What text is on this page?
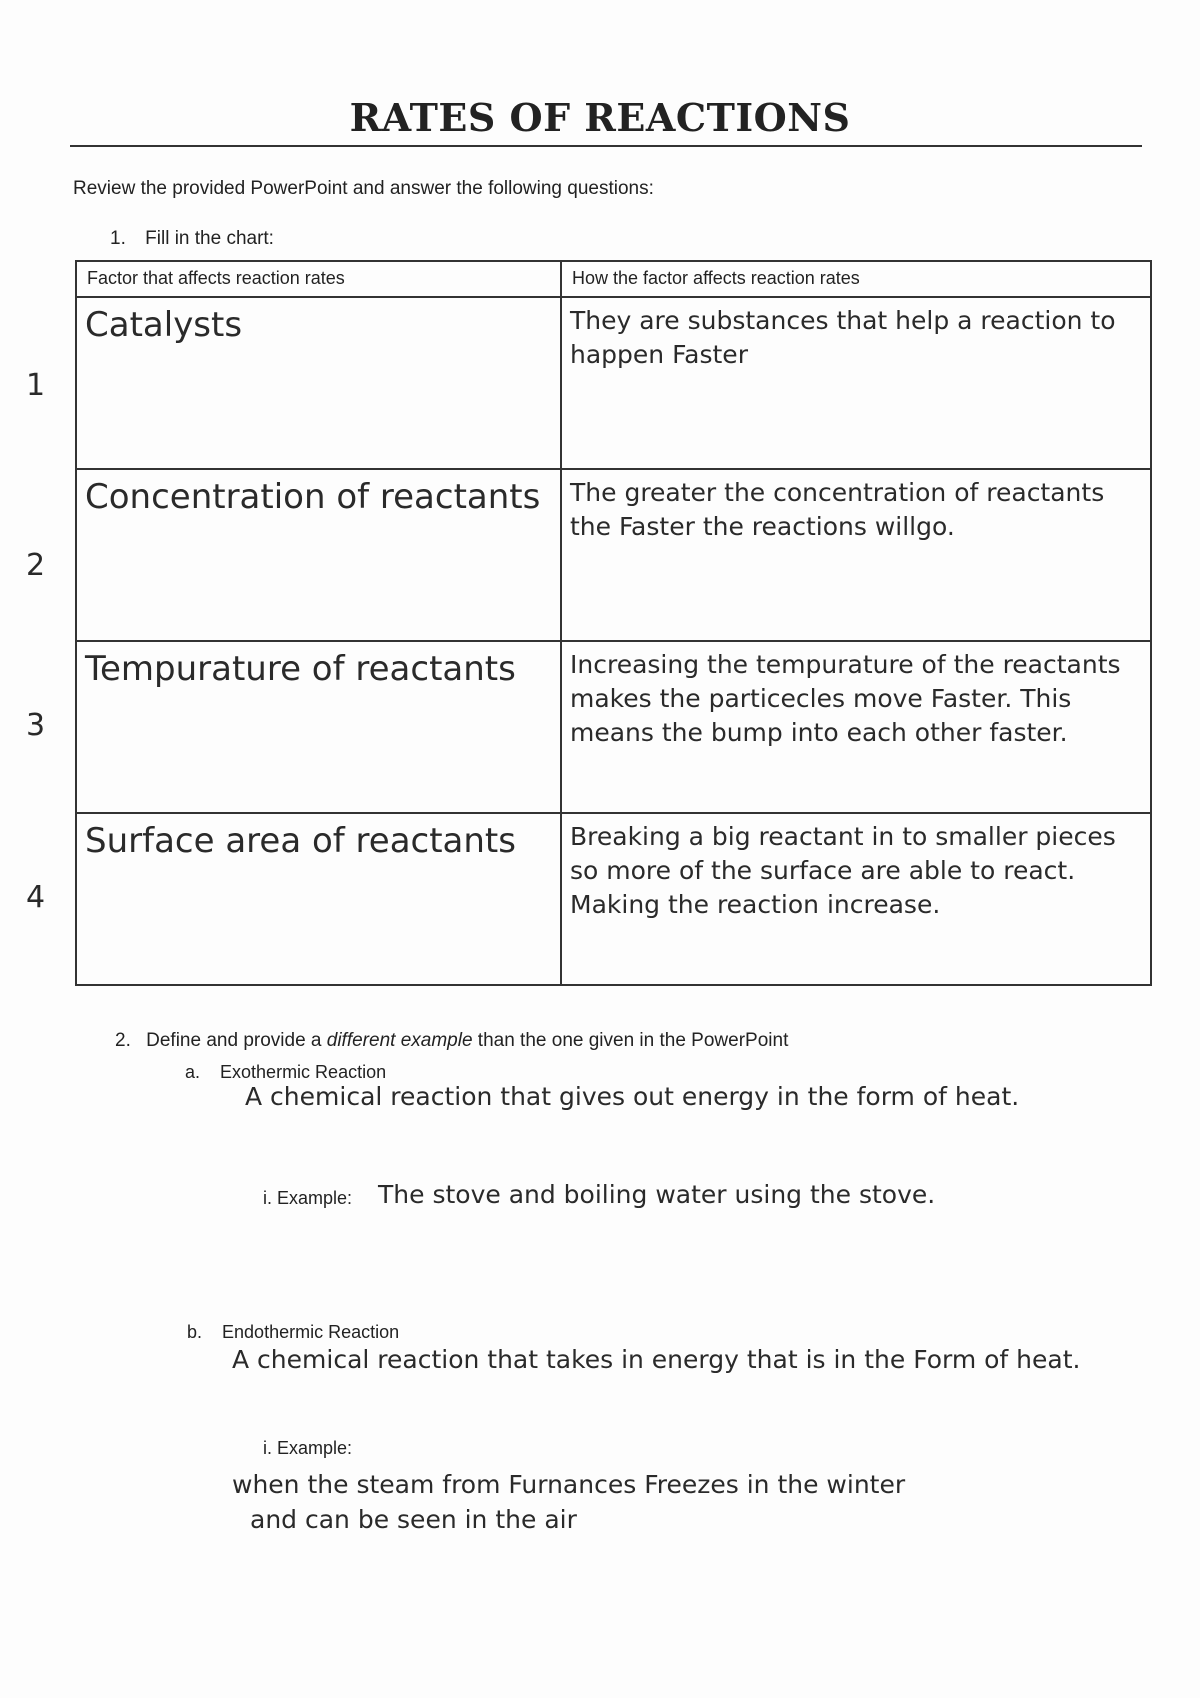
RATES OF REACTIONS
Review the provided PowerPoint and answer the following questions:
1. Fill in the chart:
Factor that affects reaction rates	How the factor affects reaction rates

Catalysts	They are substances that help a reaction to happen Faster

Concentration of reactants	The greater the concentration of reactants the Faster the reactions willgo.

Tempurature of reactants	Increasing the tempurature of the reactants makes the particecles move Faster. This means the bump into each other faster.

Surface area of reactants	Breaking a big reactant in to smaller pieces so more of the surface are able to react. Making the reaction increase.
1
2
3
4
2. Define and provide a different example than the one given in the PowerPoint
a. Exothermic Reaction
A chemical reaction that gives out energy in the form of heat.
i. Example: The stove and boiling water using the stove.
b. Endothermic Reaction
A chemical reaction that takes in energy that is in the Form of heat.
i. Example:
when the steam from Furnances Freezes in the winter
and can be seen in the air
